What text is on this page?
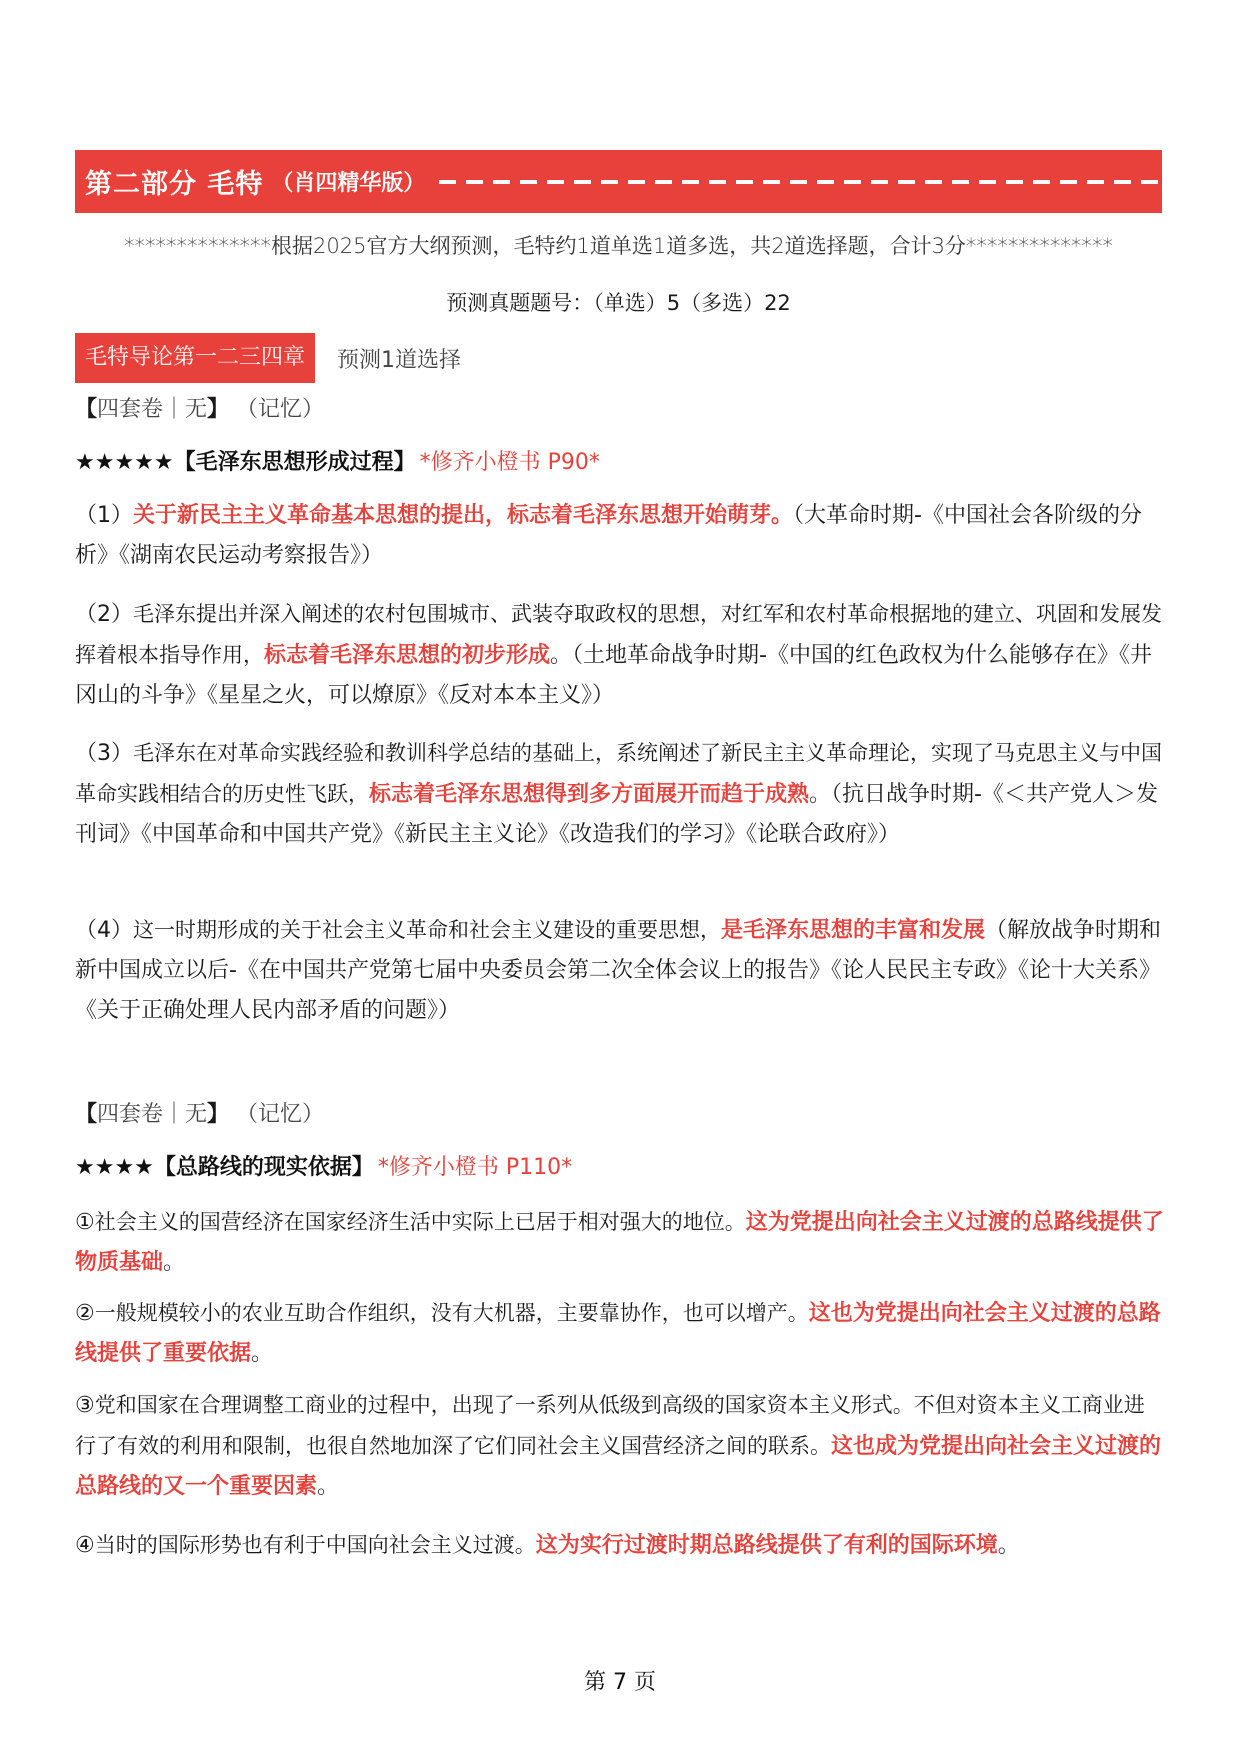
第二部分 毛特 （肖四精华版）
**************根据2025官方大纲预测，毛特约1道单选1道多选，共2道选择题，合计3分**************
预测真题题号：（单选）5（多选）22
毛特导论第一二三四章	预测1道选择
【四套卷｜无】 （记忆）
★★★★★【毛泽东思想形成过程】 *修齐小橙书 P90*
（1）关于新民主主义革命基本思想的提出，标志着毛泽东思想开始萌芽。（大革命时期-《中国社会各阶级的分析》《湖南农民运动考察报告》）
（2）毛泽东提出并深入阐述的农村包围城市、武装夺取政权的思想，对红军和农村革命根据地的建立、巩固和发展发挥着根本指导作用，标志着毛泽东思想的初步形成。（土地革命战争时期-《中国的红色政权为什么能够存在》《井冈山的斗争》《星星之火，可以燎原》《反对本本主义》）
（3）毛泽东在对革命实践经验和教训科学总结的基础上，系统阐述了新民主主义革命理论，实现了马克思主义与中国革命实践相结合的历史性飞跃，标志着毛泽东思想得到多方面展开而趋于成熟。（抗日战争时期-《＜共产党人＞发刊词》《中国革命和中国共产党》《新民主主义论》《改造我们的学习》《论联合政府》）
（4）这一时期形成的关于社会主义革命和社会主义建设的重要思想，是毛泽东思想的丰富和发展（解放战争时期和新中国成立以后-《在中国共产党第七届中央委员会第二次全体会议上的报告》《论人民民主专政》《论十大关系》《关于正确处理人民内部矛盾的问题》）
【四套卷｜无】 （记忆）
★★★★【总路线的现实依据】 *修齐小橙书 P110*
①社会主义的国营经济在国家经济生活中实际上已居于相对强大的地位。这为党提出向社会主义过渡的总路线提供了物质基础。
②一般规模较小的农业互助合作组织，没有大机器，主要靠协作，也可以增产。这也为党提出向社会主义过渡的总路线提供了重要依据。
③党和国家在合理调整工商业的过程中，出现了一系列从低级到高级的国家资本主义形式。不但对资本主义工商业进行了有效的利用和限制，也很自然地加深了它们同社会主义国营经济之间的联系。这也成为党提出向社会主义过渡的总路线的又一个重要因素。
④当时的国际形势也有利于中国向社会主义过渡。这为实行过渡时期总路线提供了有利的国际环境。
第 7 页
